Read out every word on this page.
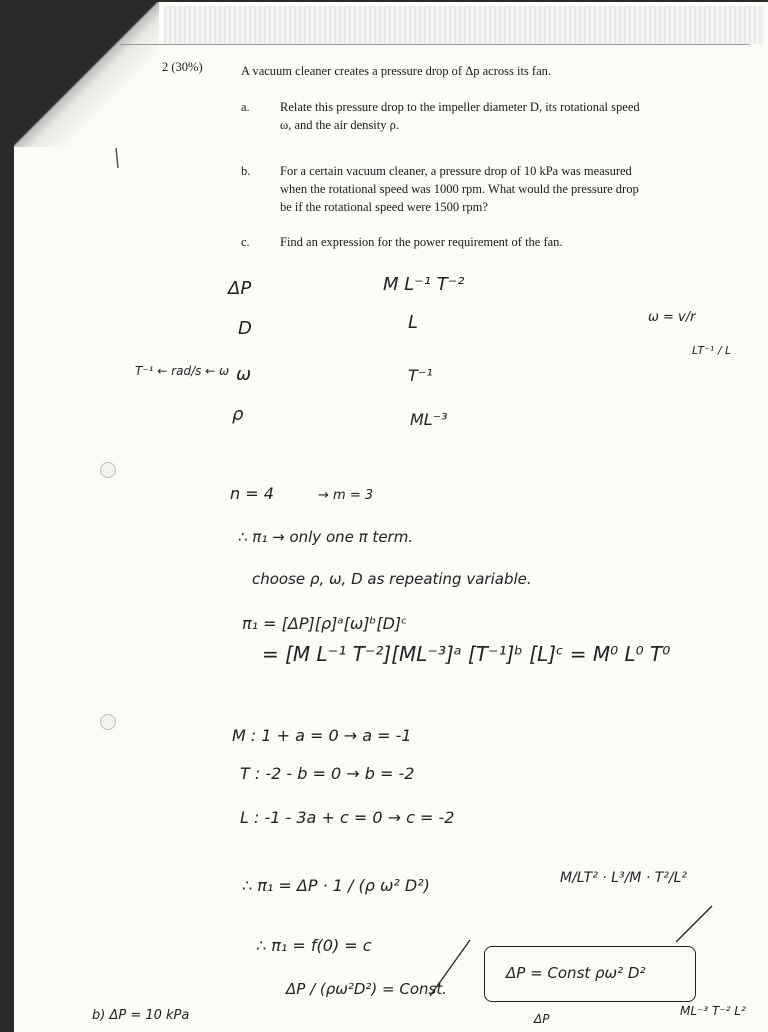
2 (30%)	A vacuum cleaner creates a pressure drop of Δp across its fan.
a. Relate this pressure drop to the impeller diameter D, its rotational speed
ω, and the air density ρ.
b. For a certain vacuum cleaner, a pressure drop of 10 kPa was measured
when the rotational speed was 1000 rpm. What would the pressure drop
be if the rotational speed were 1500 rpm?
c. Find an expression for the power requirement of the fan.
ΔP	M L⁻¹ T⁻²
D	L
ω	T⁻¹
ρ	ML⁻³
T⁻¹ ← rad/s ← ω
ω = v/r
LT⁻¹ / L
n = 4	→ m = 3
∴ π₁ → only one π term.
choose ρ, ω, D as repeating variable.
π₁ = [ΔP][ρ]ᵃ[ω]ᵇ[D]ᶜ
= [M L⁻¹ T⁻²][ML⁻³]ᵃ [T⁻¹]ᵇ [L]ᶜ = M⁰ L⁰ T⁰
M : 1 + a = 0 → a = -1
T : -2 - b = 0 → b = -2
L : -1 - 3a + c = 0 → c = -2
∴ π₁ = ΔP · 1 / (ρ ω² D²)	M/LT² · L³/M · T²/L²
∴ π₁ = f(0) = c
ΔP / (ρω²D²) = Const.
ΔP = Const ρω² D²
b) ΔP = 10 kPa	ΔP
ML⁻³ T⁻² L²
